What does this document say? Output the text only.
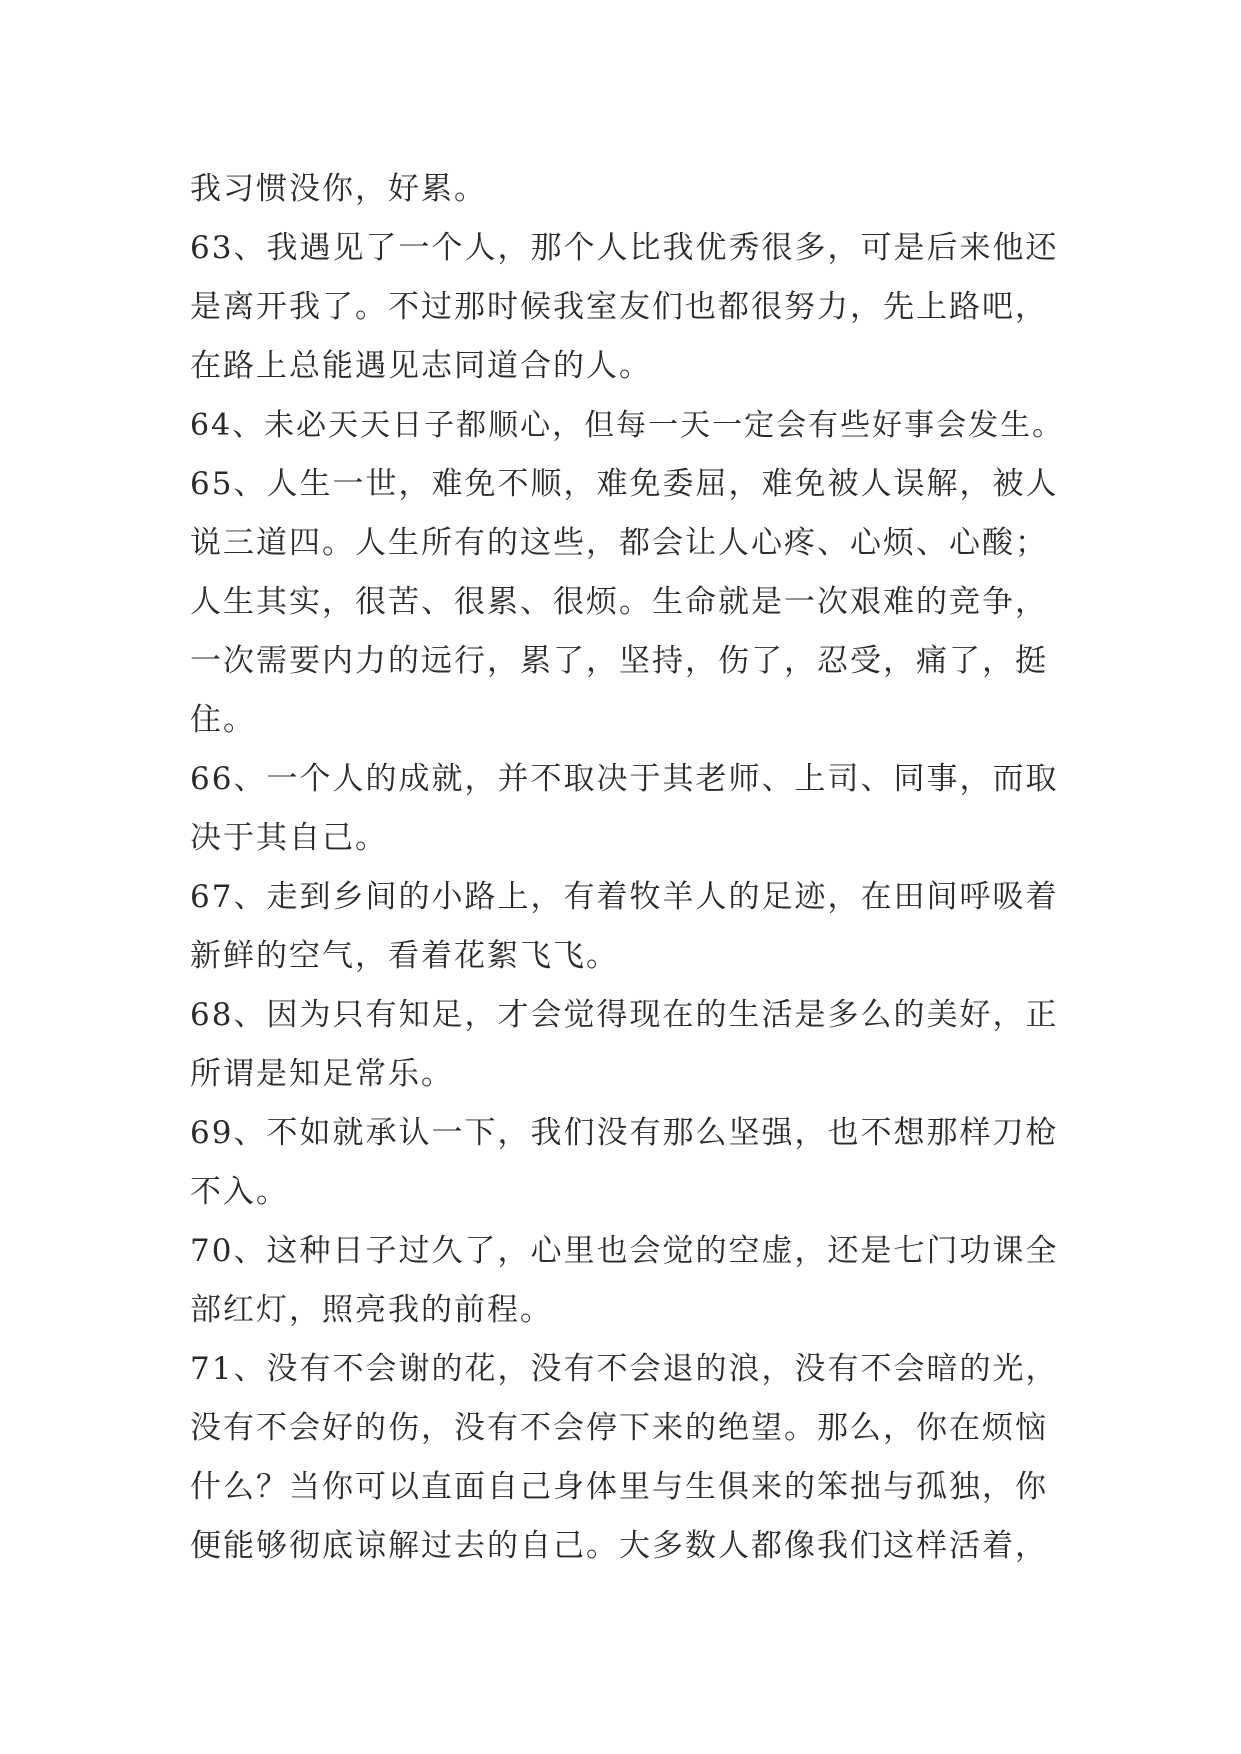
我习惯没你，好累。
63、我遇见了一个人，那个人比我优秀很多，可是后来他还
是离开我了。不过那时候我室友们也都很努力，先上路吧，
在路上总能遇见志同道合的人。
64、未必天天日子都顺心，但每一天一定会有些好事会发生。
65、人生一世，难免不顺，难免委屈，难免被人误解，被人
说三道四。人生所有的这些，都会让人心疼、心烦、心酸；
人生其实，很苦、很累、很烦。生命就是一次艰难的竞争，
一次需要内力的远行，累了，坚持，伤了，忍受，痛了，挺
住。
66、一个人的成就，并不取决于其老师、上司、同事，而取
决于其自己。
67、走到乡间的小路上，有着牧羊人的足迹，在田间呼吸着
新鲜的空气，看着花絮飞飞。
68、因为只有知足，才会觉得现在的生活是多么的美好，正
所谓是知足常乐。
69、不如就承认一下，我们没有那么坚强，也不想那样刀枪
不入。
70、这种日子过久了，心里也会觉的空虚，还是七门功课全
部红灯，照亮我的前程。
71、没有不会谢的花，没有不会退的浪，没有不会暗的光，
没有不会好的伤，没有不会停下来的绝望。那么，你在烦恼
什么？当你可以直面自己身体里与生俱来的笨拙与孤独，你
便能够彻底谅解过去的自己。大多数人都像我们这样活着，
